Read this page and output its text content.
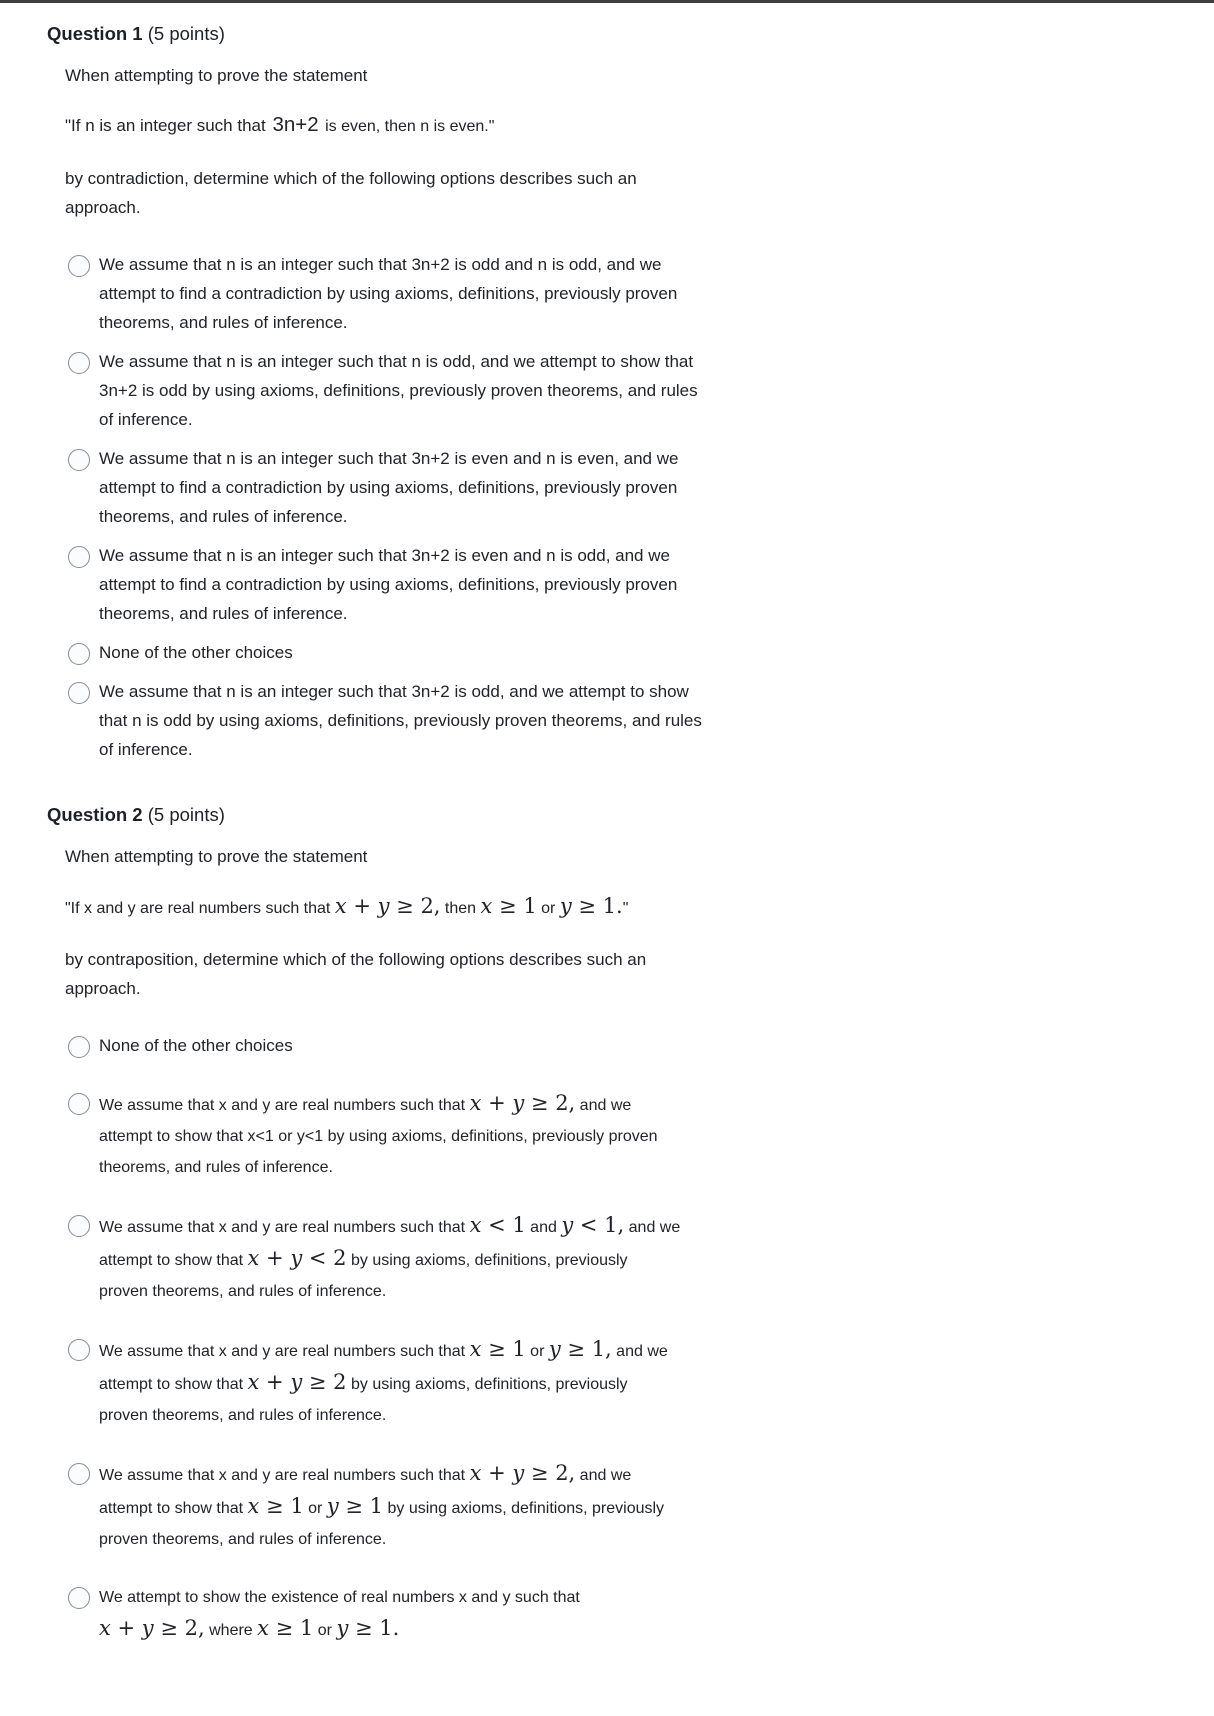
Question 1 (5 points)

When attempting to prove the statement

"If n is an integer such that 3n+2 is even, then n is even."

by contradiction, determine which of the following options describes such an
approach.

We assume that n is an integer such that 3n+2 is odd and n is odd, and we
attempt to find a contradiction by using axioms, definitions, previously proven
theorems, and rules of inference.
We assume that n is an integer such that n is odd, and we attempt to show that
3n+2 is odd by using axioms, definitions, previously proven theorems, and rules
of inference.
We assume that n is an integer such that 3n+2 is even and n is even, and we
attempt to find a contradiction by using axioms, definitions, previously proven
theorems, and rules of inference.
We assume that n is an integer such that 3n+2 is even and n is odd, and we
attempt to find a contradiction by using axioms, definitions, previously proven
theorems, and rules of inference.
None of the other choices
We assume that n is an integer such that 3n+2 is odd, and we attempt to show
that n is odd by using axioms, definitions, previously proven theorems, and rules
of inference.
Question 2 (5 points)

When attempting to prove the statement

"If x and y are real numbers such that x + y ≥ 2, then x ≥ 1 or y ≥ 1."

by contraposition, determine which of the following options describes such an
approach.

None of the other choices
We assume that x and y are real numbers such that x + y ≥ 2, and we
attempt to show that x<1 or y<1 by using axioms, definitions, previously proven
theorems, and rules of inference.
We assume that x and y are real numbers such that x < 1 and y < 1, and we
attempt to show that x + y < 2 by using axioms, definitions, previously
proven theorems, and rules of inference.
We assume that x and y are real numbers such that x ≥ 1 or y ≥ 1, and we
attempt to show that x + y ≥ 2 by using axioms, definitions, previously
proven theorems, and rules of inference.
We assume that x and y are real numbers such that x + y ≥ 2, and we
attempt to show that x ≥ 1 or y ≥ 1 by using axioms, definitions, previously
proven theorems, and rules of inference.
We attempt to show the existence of real numbers x and y such that
x + y ≥ 2, where x ≥ 1 or y ≥ 1.
